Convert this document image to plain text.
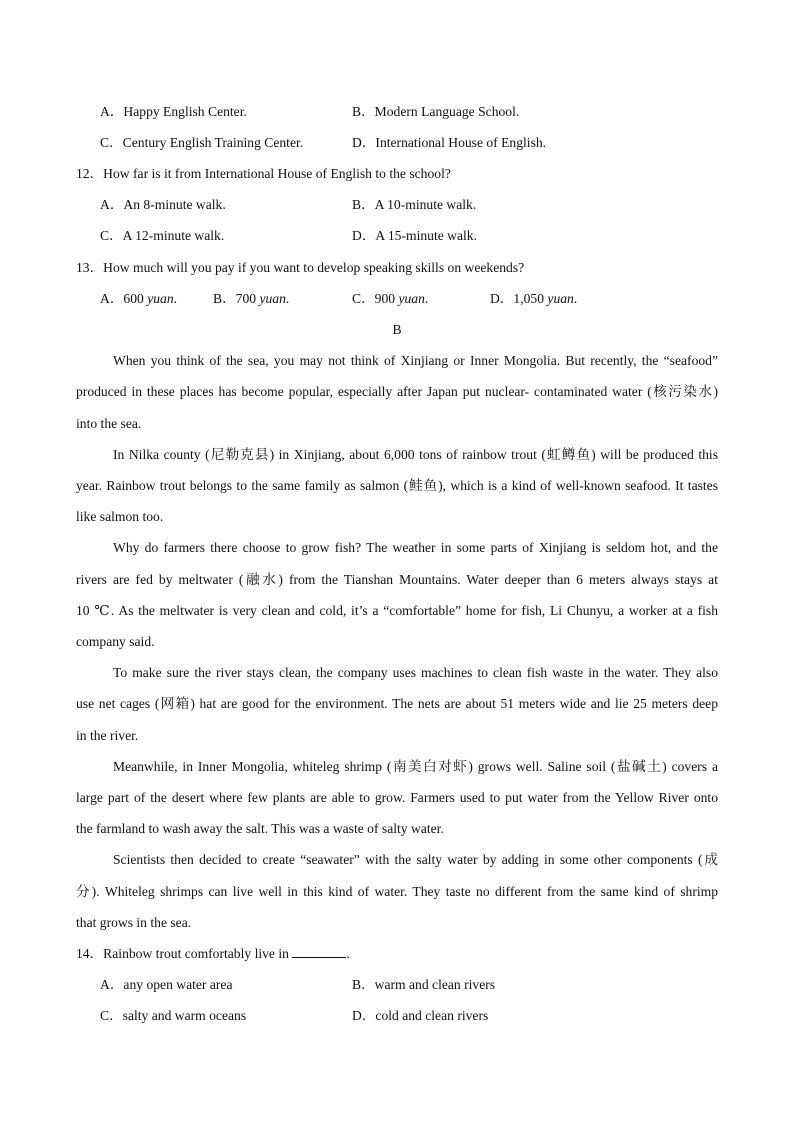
A．Happy English Center.	B．Modern Language School.
C．Century English Training Center.	D．International House of English.
12．How far is it from International House of English to the school?
A．An 8-minute walk.	B．A 10-minute walk.
C．A 12-minute walk.	D．A 15-minute walk.
13．How much will you pay if you want to develop speaking skills on weekends?
A．600 yuan.	B．700 yuan.	C．900 yuan.	D．1,050 yuan.
B
When you think of the sea, you may not think of Xinjiang or Inner Mongolia. But recently, the “seafood”
produced in these places has become popular, especially after Japan put nuclear- contaminated water (核污染水)
into the sea.
In Nilka county (尼勒克县) in Xinjiang, about 6,000 tons of rainbow trout (虹鳟鱼) will be produced this
year. Rainbow trout belongs to the same family as salmon (鲑鱼), which is a kind of well-known seafood. It tastes
like salmon too.
Why do farmers there choose to grow fish? The weather in some parts of Xinjiang is seldom hot, and the
rivers are fed by meltwater (融水) from the Tianshan Mountains. Water deeper than 6 meters always stays at
10 ℃. As the meltwater is very clean and cold, it’s a “comfortable” home for fish, Li Chunyu, a worker at a fish
company said.
To make sure the river stays clean, the company uses machines to clean fish waste in the water. They also
use net cages (网箱) hat are good for the environment. The nets are about 51 meters wide and lie 25 meters deep
in the river.
Meanwhile, in Inner Mongolia, whiteleg shrimp (南美白对虾) grows well. Saline soil (盐碱土) covers a
large part of the desert where few plants are able to grow. Farmers used to put water from the Yellow River onto
the farmland to wash away the salt. This was a waste of salty water.
Scientists then decided to create “seawater” with the salty water by adding in some other components (成
分). Whiteleg shrimps can live well in this kind of water. They taste no different from the same kind of shrimp
that grows in the sea.
14．Rainbow trout comfortably live in	.
A．any open water area	B．warm and clean rivers
C．salty and warm oceans	D．cold and clean rivers
